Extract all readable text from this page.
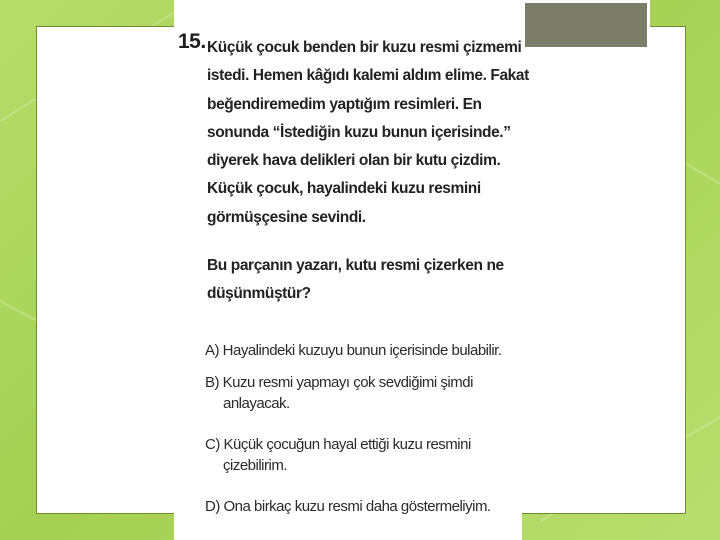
15. Küçük çocuk benden bir kuzu resmi çizmemi
istedi. Hemen kâğıdı kalemi aldım elime. Fakat
beğendiremedim yaptığım resimleri. En
sonunda “İstediğin kuzu bunun içerisinde.”
diyerek hava delikleri olan bir kutu çizdim.
Küçük çocuk, hayalindeki kuzu resmini
görmüşçesine sevindi.
Bu parçanın yazarı, kutu resmi çizerken ne
düşünmüştür?
A) Hayalindeki kuzuyu bunun içerisinde bulabilir.
B) Kuzu resmi yapmayı çok sevdiğimi şimdi
anlayacak.
C) Küçük çocuğun hayal ettiği kuzu resmini
çizebilirim.
D) Ona birkaç kuzu resmi daha göstermeliyim.
